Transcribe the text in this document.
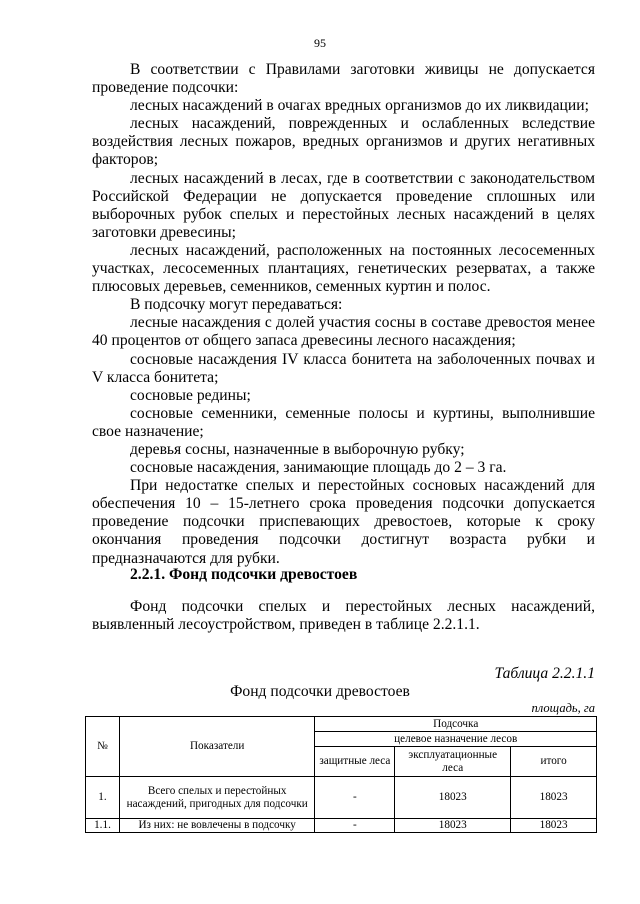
95

В соответствии с Правилами заготовки живицы не допускается проведение подсочки:

лесных насаждений в очагах вредных организмов до их ликвидации;

лесных насаждений, поврежденных и ослабленных вследствие воздействия лесных пожаров, вредных организмов и других негативных факторов;

лесных насаждений в лесах, где в соответствии с законодательством Российской Федерации не допускается проведение сплошных или выборочных рубок спелых и перестойных лесных насаждений в целях заготовки древесины;

лесных насаждений, расположенных на постоянных лесосеменных участках, лесосеменных плантациях, генетических резерватах, а также плюсовых деревьев, семенников, семенных куртин и полос.

В подсочку могут передаваться:

лесные насаждения с долей участия сосны в составе древостоя менее 40 процентов от общего запаса древесины лесного насаждения;

сосновые насаждения IV класса бонитета на заболоченных почвах и V класса бонитета;

сосновые редины;

сосновые семенники, семенные полосы и куртины, выполнившие свое назначение;

деревья сосны, назначенные в выборочную рубку;

сосновые насаждения, занимающие площадь до 2 – 3 га.

При недостатке спелых и перестойных сосновых насаждений для обеспечения 10 – 15-летнего срока проведения подсочки допускается проведение подсочки приспевающих древостоев, которые к сроку окончания проведения подсочки достигнут возраста рубки и предназначаются для рубки.

2.2.1. Фонд подсочки древостоев

Фонд подсочки спелых и перестойных лесных насаждений, выявленный лесоустройством, приведен в таблице 2.2.1.1.

Таблица 2.2.1.1
Фонд подсочки древостоев
площадь, га
№	Показатели	Подсочка		
		целевое назначение лесов		
		защитные леса	эксплуатационные леса	итого
1.	Всего спелых и перестойных насаждений, пригодных для подсочки	-	18023	18023
1.1.	Из них: не вовлечены в подсочку	-	18023	18023
